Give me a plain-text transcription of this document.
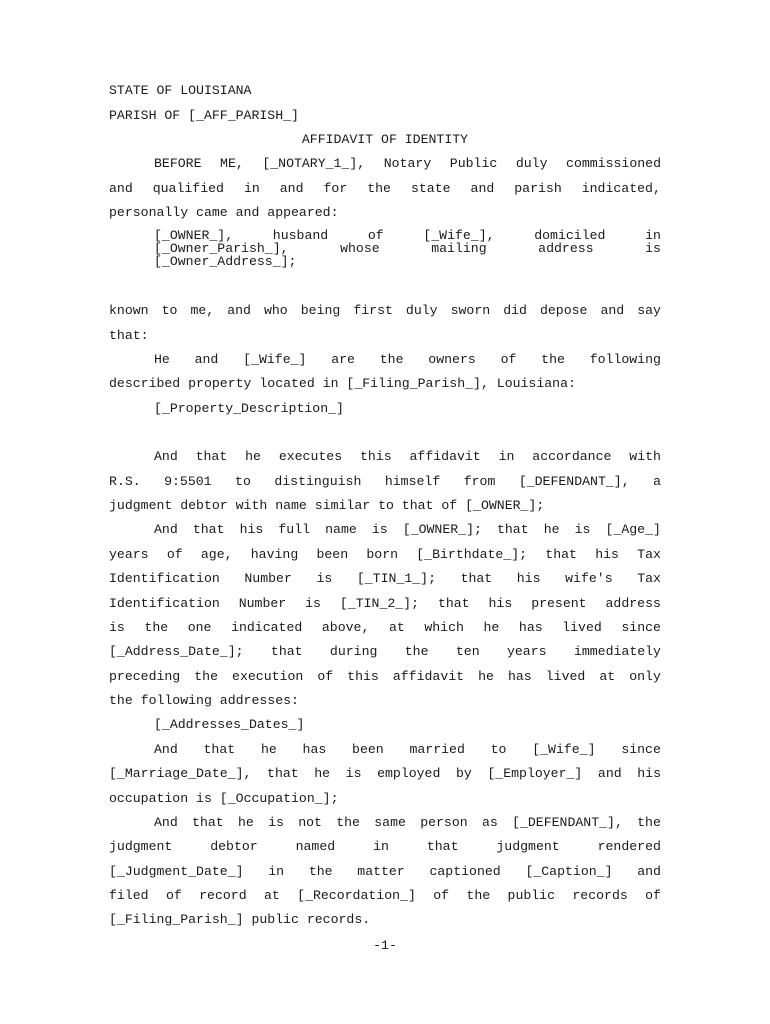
STATE OF LOUISIANA
PARISH OF [_AFF_PARISH_]
AFFIDAVIT OF IDENTITY
BEFORE ME, [_NOTARY_1_], Notary Public duly commissioned
and qualified in and for the state and parish indicated,
personally came and appeared:
[_OWNER_],	husband	of	[_Wife_],	domiciled	in
[_Owner_Parish_],	whose	mailing	address	is
[_Owner_Address_];
known to me, and who being first duly sworn did depose and say
that:
He and [_Wife_] are the owners of the following
described property located in [_Filing_Parish_], Louisiana:
[_Property_Description_]
And that he executes this affidavit in accordance with
R.S. 9:5501 to distinguish himself from [_DEFENDANT_], a
judgment debtor with name similar to that of [_OWNER_];
And that his full name is [_OWNER_]; that he is [_Age_]
years of age, having been born [_Birthdate_]; that his Tax
Identification Number is [_TIN_1_]; that his wife's Tax
Identification Number is [_TIN_2_]; that his present address
is the one indicated above, at which he has lived since
[_Address_Date_]; that during the ten years immediately
preceding the execution of this affidavit he has lived at only
the following addresses:
[_Addresses_Dates_]
And that he has been married to [_Wife_] since
[_Marriage_Date_], that he is employed by [_Employer_] and his
occupation is [_Occupation_];
And that he is not the same person as [_DEFENDANT_], the
judgment	debtor	named	in	that	judgment	rendered
[_Judgment_Date_] in the matter captioned [_Caption_] and
filed of record at [_Recordation_] of the public records of
[_Filing_Parish_] public records.
-1-
